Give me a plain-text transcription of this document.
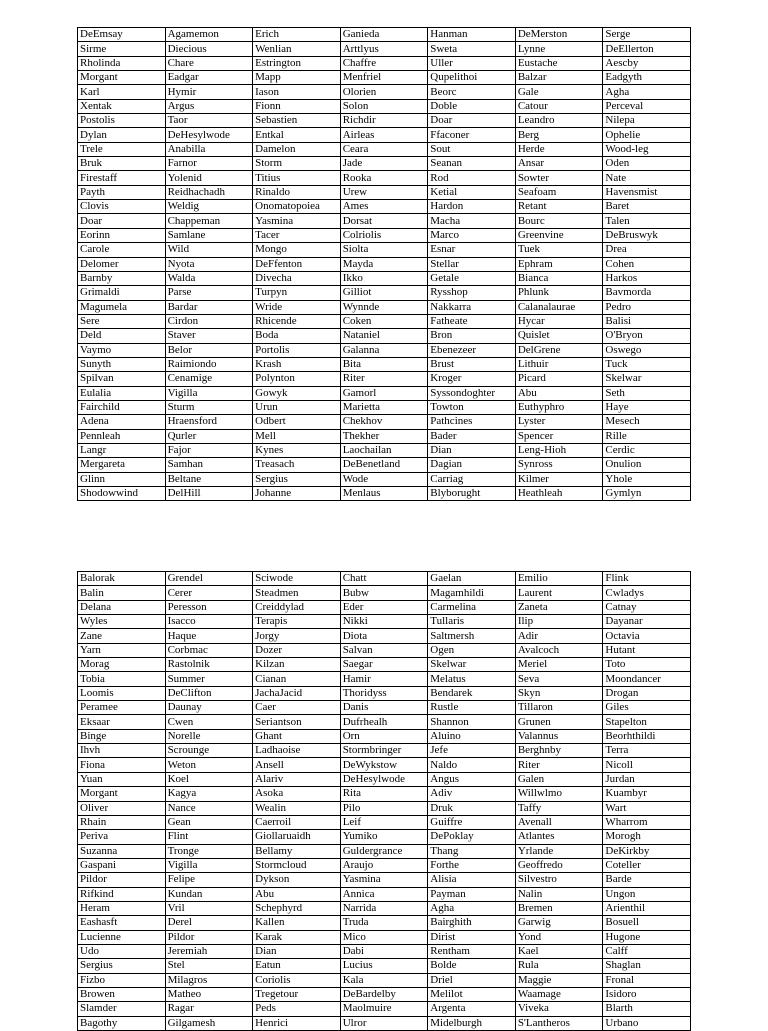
DeEmsay	Agamemon	Erich	Ganieda	Hanman	DeMerston	Serge
Sirme	Diecious	Wenlian	Arttlyus	Sweta	Lynne	DeEllerton
Rholinda	Chare	Estrington	Chaffre	Uller	Eustache	Aescby
Morgant	Eadgar	Mapp	Menfriel	Qupelithoi	Balzar	Eadgyth
Karl	Hymir	Iason	Olorien	Beorc	Gale	Agha
Xentak	Argus	Fionn	Solon	Doble	Catour	Perceval
Postolis	Taor	Sebastien	Richdir	Doar	Leandro	Nilepa
Dylan	DeHesylwode	Entkal	Airleas	Ffaconer	Berg	Ophelie
Trele	Anabilla	Damelon	Ceara	Sout	Herde	Wood-leg
Bruk	Farnor	Storm	Jade	Seanan	Ansar	Oden
Firestaff	Yolenid	Titius	Rooka	Rod	Sowter	Nate
Payth	Reidhachadh	Rinaldo	Urew	Ketial	Seafoam	Havensmist
Clovis	Weldig	Onomatopoiea	Ames	Hardon	Retant	Baret
Doar	Chappeman	Yasmina	Dorsat	Macha	Bourc	Talen
Eorinn	Samlane	Tacer	Colriolis	Marco	Greenvine	DeBruswyk
Carole	Wild	Mongo	Siolta	Esnar	Tuek	Drea
Delomer	Nyota	DeFfenton	Mayda	Stellar	Ephram	Cohen
Barnby	Walda	Divecha	Ikko	Getale	Bianca	Harkos
Grimaldi	Parse	Turpyn	Gilliot	Rysshop	Phlunk	Bavmorda
Magumela	Bardar	Wride	Wynnde	Nakkarra	Calanalaurae	Pedro
Sere	Cirdon	Rhicende	Coken	Fatheate	Hycar	Balisi
Deld	Staver	Boda	Nataniel	Bron	Quislet	O'Bryon
Vaymo	Belor	Portolis	Galanna	Ebenezeer	DelGrene	Oswego
Sunyth	Raimiondo	Krash	Bita	Brust	Lithuir	Tuck
Spilvan	Cenamige	Polynton	Riter	Kroger	Picard	Skelwar
Eulalia	Vigilla	Gowyk	Gamorl	Syssondoghter	Abu	Seth
Fairchild	Sturm	Urun	Marietta	Towton	Euthyphro	Haye
Adena	Hraensford	Odbert	Chekhov	Pathcines	Lyster	Mesech
Pennleah	Qurler	Mell	Thekher	Bader	Spencer	Rille
Langr	Fajor	Kynes	Laochailan	Dian	Leng-Hioh	Cerdic
Mergareta	Samhan	Treasach	DeBenetland	Dagian	Synross	Onulion
Glinn	Beltane	Sergius	Wode	Carriag	Kilmer	Yhole
Shodowwind	DelHill	Johanne	Menlaus	Blyborught	Heathleah	Gymlyn
Balorak	Grendel	Sciwode	Chatt	Gaelan	Emilio	Flink
Balin	Cerer	Steadmen	Bubw	Magamhildi	Laurent	Cwladys
Delana	Peresson	Creiddylad	Eder	Carmelina	Zaneta	Catnay
Wyles	Isacco	Terapis	Nikki	Tullaris	Ilip	Dayanar
Zane	Haque	Jorgy	Diota	Saltmersh	Adir	Octavia
Yarn	Corbmac	Dozer	Salvan	Ogen	Avalcoch	Hutant
Morag	Rastolnik	Kilzan	Saegar	Skelwar	Meriel	Toto
Tobia	Summer	Cianan	Hamir	Melatus	Seva	Moondancer
Loomis	DeClifton	JachaJacid	Thoridyss	Bendarek	Skyn	Drogan
Peramee	Daunay	Caer	Danis	Rustle	Tillaron	Giles
Eksaar	Cwen	Seriantson	Dufrhealh	Shannon	Grunen	Stapelton
Binge	Norelle	Ghant	Orn	Aluino	Valannus	Beorhthildi
Ihvh	Scrounge	Ladhaoise	Stormbringer	Jefe	Berghnby	Terra
Fiona	Weton	Ansell	DeWykstow	Naldo	Riter	Nicoll
Yuan	Koel	Alariv	DeHesylwode	Angus	Galen	Jurdan
Morgant	Kagya	Asoka	Rita	Adiv	Willwlmo	Kuambyr
Oliver	Nance	Wealin	Pilo	Druk	Taffy	Wart
Rhain	Gean	Caerroil	Leif	Guiffre	Avenall	Wharrom
Periva	Flint	Giollaruaidh	Yumiko	DePoklay	Atlantes	Morogh
Suzanna	Tronge	Bellamy	Guldergrance	Thang	Yrlande	DeKirkby
Gaspani	Vigilla	Stormcloud	Araujo	Forthe	Geoffredo	Coteller
Pildor	Felipe	Dykson	Yasmina	Alisia	Silvestro	Barde
Rifkind	Kundan	Abu	Annica	Payman	Nalin	Ungon
Heram	Vril	Schephyrd	Narrida	Agha	Bremen	Arienthil
Eashasft	Derel	Kallen	Truda	Bairghith	Garwig	Bosuell
Lucienne	Pildor	Karak	Mico	Dirist	Yond	Hugone
Udo	Jeremiah	Dian	Dabi	Rentham	Kael	Calff
Sergius	Stel	Eatun	Lucius	Bolde	Rula	Shaglan
Fizbo	Milagros	Coriolis	Kala	Driel	Maggie	Fronal
Browen	Matheo	Tregetour	DeBardelby	Melilot	Waamage	Isidoro
Slamder	Ragar	Peds	Maolmuire	Argenta	Viveka	Blarth
Bagothy	Gilgamesh	Henrici	Ulror	Midelburgh	S'Lantheros	Urbano
